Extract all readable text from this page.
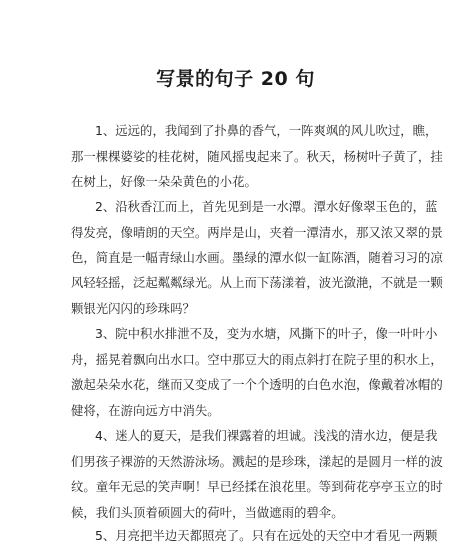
写景的句子 20 句
1、远远的，我闻到了扑鼻的香气，一阵爽飒的风儿吹过，瞧，
那一棵棵婆娑的桂花树，随风摇曳起来了。秋天，杨树叶子黄了，挂
在树上，好像一朵朵黄色的小花。
2、沿秋香江而上，首先见到是一水潭。潭水好像翠玉色的，蓝
得发亮，像晴朗的天空。两岸是山，夹着一潭清水，那又浓又翠的景
色，简直是一幅青绿山水画。墨绿的潭水似一缸陈酒，随着习习的凉
风轻轻摇，泛起粼粼绿光。从上而下荡漾着，波光潋滟，不就是一颗
颗银光闪闪的珍珠吗？
3、院中积水排泄不及，变为水塘，风撕下的叶子，像一叶叶小
舟，摇晃着飘向出水口。空中那豆大的雨点斜打在院子里的积水上，
激起朵朵水花，继而又变成了一个个透明的白色水泡，像戴着冰帽的
健将，在游向远方中消失。
4、迷人的夏天，是我们裸露着的坦诚。浅浅的清水边，便是我
们男孩子裸游的天然游泳场。溅起的是珍珠，漾起的是圆月一样的波
纹。童年无忌的笑声啊！早已经揉在浪花里。等到荷花亭亭玉立的时
候，我们头顶着硕圆大的荷叶，当做遮雨的碧伞。
5、月亮把半边天都照亮了。只有在远处的天空中才看见一两颗
